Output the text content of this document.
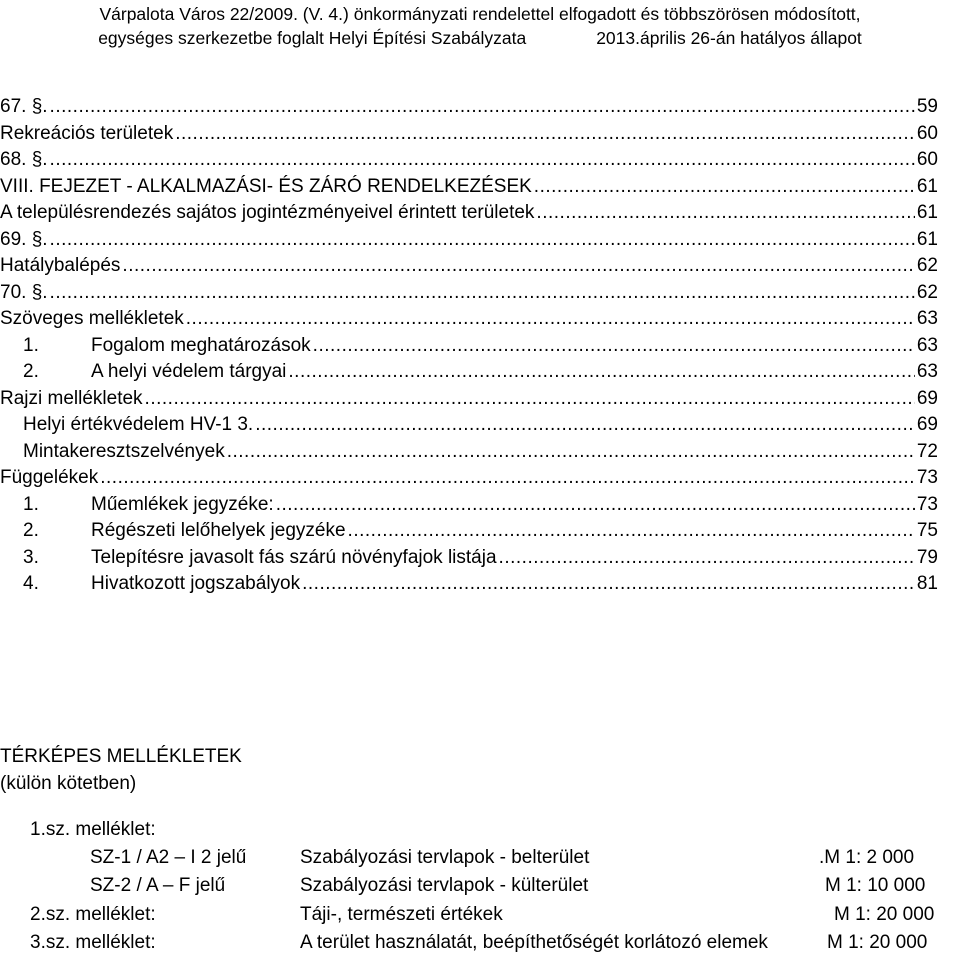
Várpalota Város 22/2009. (V. 4.) önkormányzati rendelettel elfogadott és többszörösen módosított,
egységes szerkezetbe foglalt Helyi Építési Szabályzata	2013.április 26-án hatályos állapot
67. §. .....	59
Rekreációs területek .....	60
68. §. .....	60
VIII. FEJEZET - ALKALMAZÁSI- ÉS ZÁRÓ RENDELKEZÉSEK .....	61
A településrendezés sajátos jogintézményeivel érintett területek .....	61
69. §. .....	61
Hatálybalépés .....	62
70. §. .....	62
Szöveges mellékletek .....	63
1.	Fogalom meghatározások .....	63
2.	A helyi védelem tárgyai .....	63
Rajzi mellékletek .....	69
Helyi értékvédelem HV-1 3. .....	69
Mintakeresztszelvények .....	72
Függelékek .....	73
1.	Műemlékek jegyzéke: .....	73
2.	Régészeti lelőhelyek jegyzéke .....	75
3.	Telepítésre javasolt fás szárú növényfajok listája .....	79
4.	Hivatkozott jogszabályok .....	81
TÉRKÉPES MELLÉKLETEK
(külön kötetben)
1.sz. melléklet:
SZ-1 / A2 – I 2 jelű	Szabályozási tervlapok - belterület	.M 1: 2 000
SZ-2 / A – F jelű	Szabályozási tervlapok - külterület	M 1: 10 000
2.sz. melléklet:	Táji-, természeti értékek	M 1: 20 000
3.sz. melléklet:	A terület használatát, beépíthetőségét korlátozó elemek	M 1: 20 000
